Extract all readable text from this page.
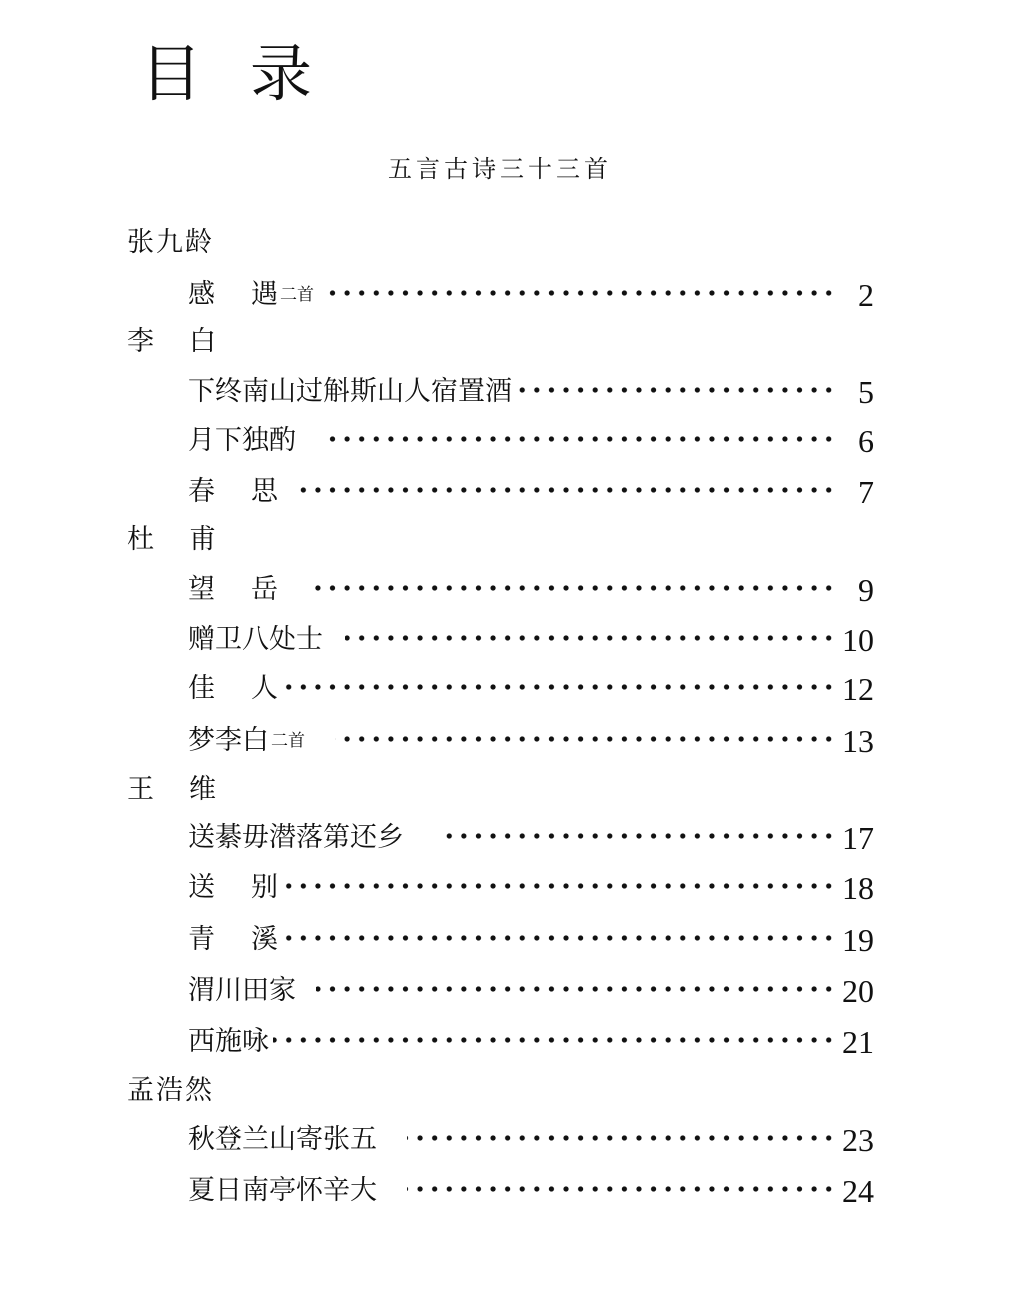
目录
五言古诗三十三首
张九龄
感 遇 二首	2
李 白
下终南山过斛斯山人宿置酒	5
月下独酌	6
春 思	7
杜 甫
望 岳	9
赠卫八处士	10
佳 人	12
梦李白 二首	13
王 维
送綦毋潜落第还乡	17
送 别	18
青 溪	19
渭川田家	20
西施咏	21
孟浩然
秋登兰山寄张五	23
夏日南亭怀辛大	24
